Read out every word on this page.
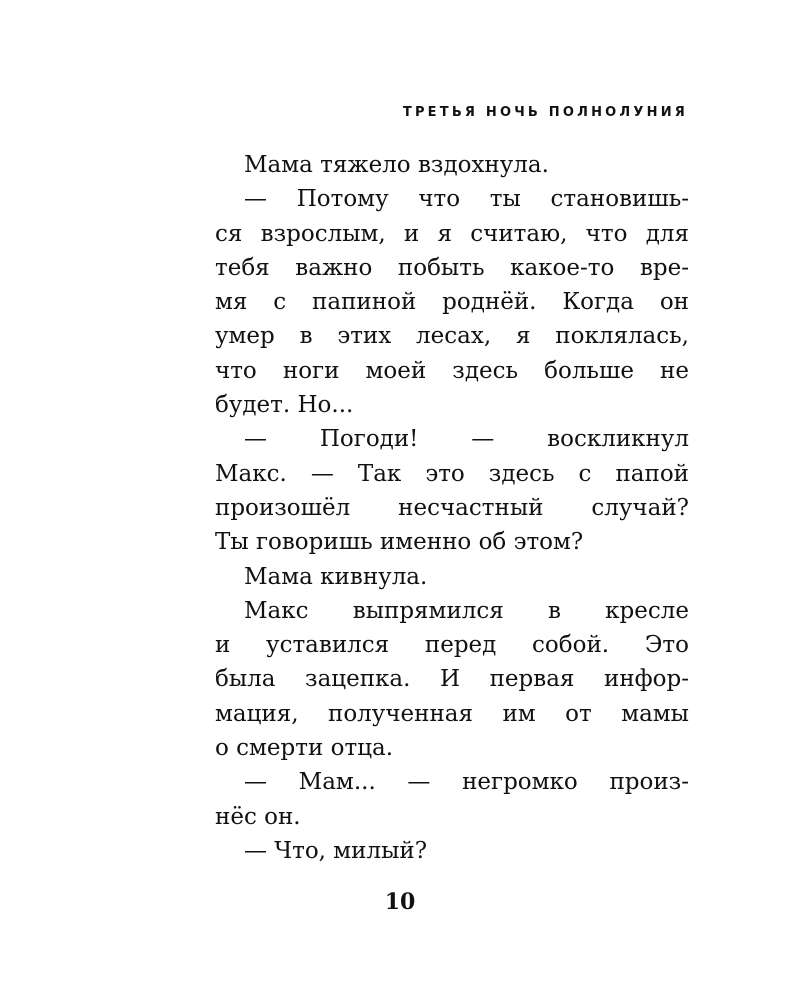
ТРЕТЬЯ НОЧЬ ПОЛНОЛУНИЯ
Мама тяжело вздохнула.
— Потому что ты становишь-
ся взрослым, и я считаю, что для
тебя важно побыть какое-то вре-
мя с папиной роднёй. Когда он
умер в этих лесах, я поклялась,
что ноги моей здесь больше не
будет. Но...
— Погоди! — воскликнул
Макс. — Так это здесь с папой
произошёл несчастный случай?
Ты говоришь именно об этом?
Мама кивнула.
Макс выпрямился в кресле
и уставился перед собой. Это
была зацепка. И первая инфор-
мация, полученная им от мамы
о смерти отца.
— Мам... — негромко произ-
нёс он.
— Что, милый?
10
